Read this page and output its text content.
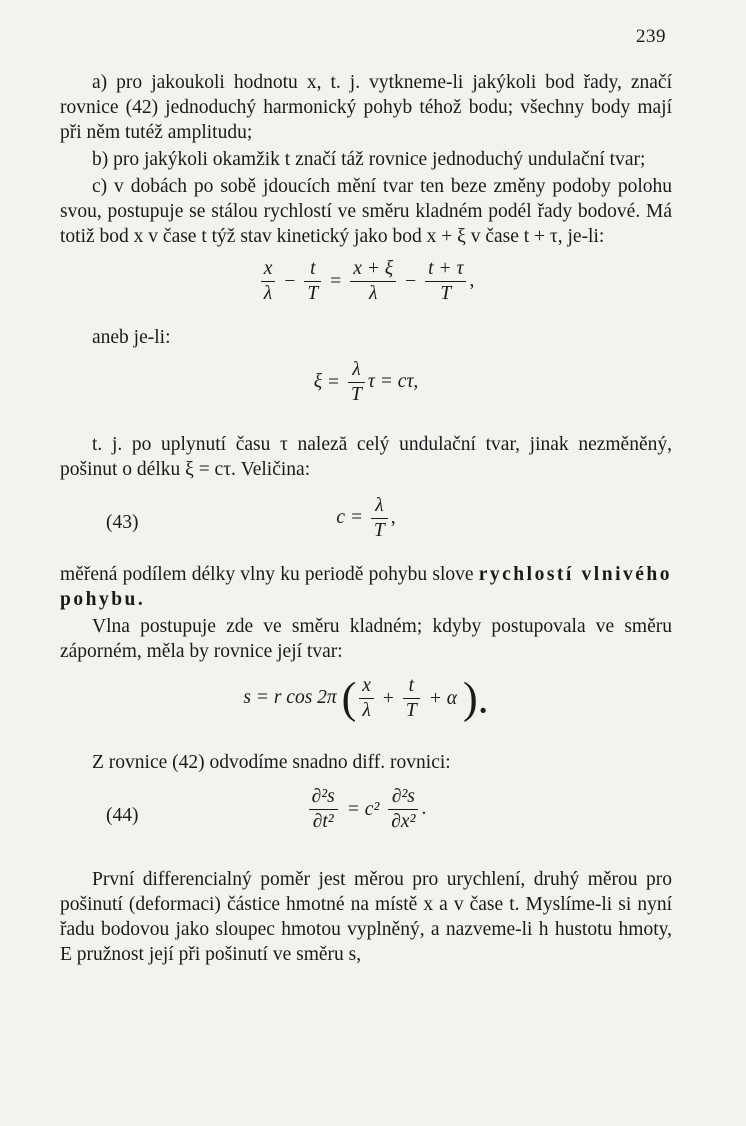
239

a) pro jakoukoli hodnotu x, t. j. vytkneme-li jakýkoli bod řady, značí rovnice (42) jednoduchý harmonický pohyb téhož bodu; všechny body mají při něm tutéž amplitudu;

b) pro jakýkoli okamžik t značí táž rovnice jednoduchý undulační tvar;

c) v dobách po sobě jdoucích mění tvar ten beze změny podoby polohu svou, postupuje se stálou rychlostí ve směru kladném podél řady bodové. Má totiž bod x v čase t týž stav kinetický jako bod x + ξ v čase t + τ, je-li:

$\frac{x}{\lambda} - \frac{t}{T} = \frac{x + \xi}{\lambda} - \frac{t + \tau}{T}$ ,

aneb je-li:

$\xi = \frac{\lambda}{T}$ τ = cτ,

t. j. po uplynutí času τ naleză celý undulační tvar, jinak nezměněný, pošinut o délku ξ = cτ. Veličina:

(43)	$c = \frac{\lambda}{T}$ ,

měřená podílem délky vlny ku periodě pohybu slove rychlostí vlnivého pohybu.

Vlna postupuje zde ve směru kladném; kdyby postupovala ve směru záporném, měla by rovnice její tvar:

s = r cos 2π ( $\frac{x}{\lambda} + \frac{t}{T} + \alpha$ ).

Z rovnice (42) odvodíme snadno diff. rovnici:

(44)	$\frac{\text{∂²s}}{\text{∂t²}} = c^2 \frac{\text{∂²s}}{\text{∂x²}}$ .

První differencialný poměr jest měrou pro urychlení, druhý měrou pro pošinutí (deformaci) částice hmotné na místě x a v čase t. Myslíme-li si nyní řadu bodovou jako sloupec hmotou vyplněný, a nazveme-li h hustotu hmoty, E pružnost její při pošinutí ve směru s,
